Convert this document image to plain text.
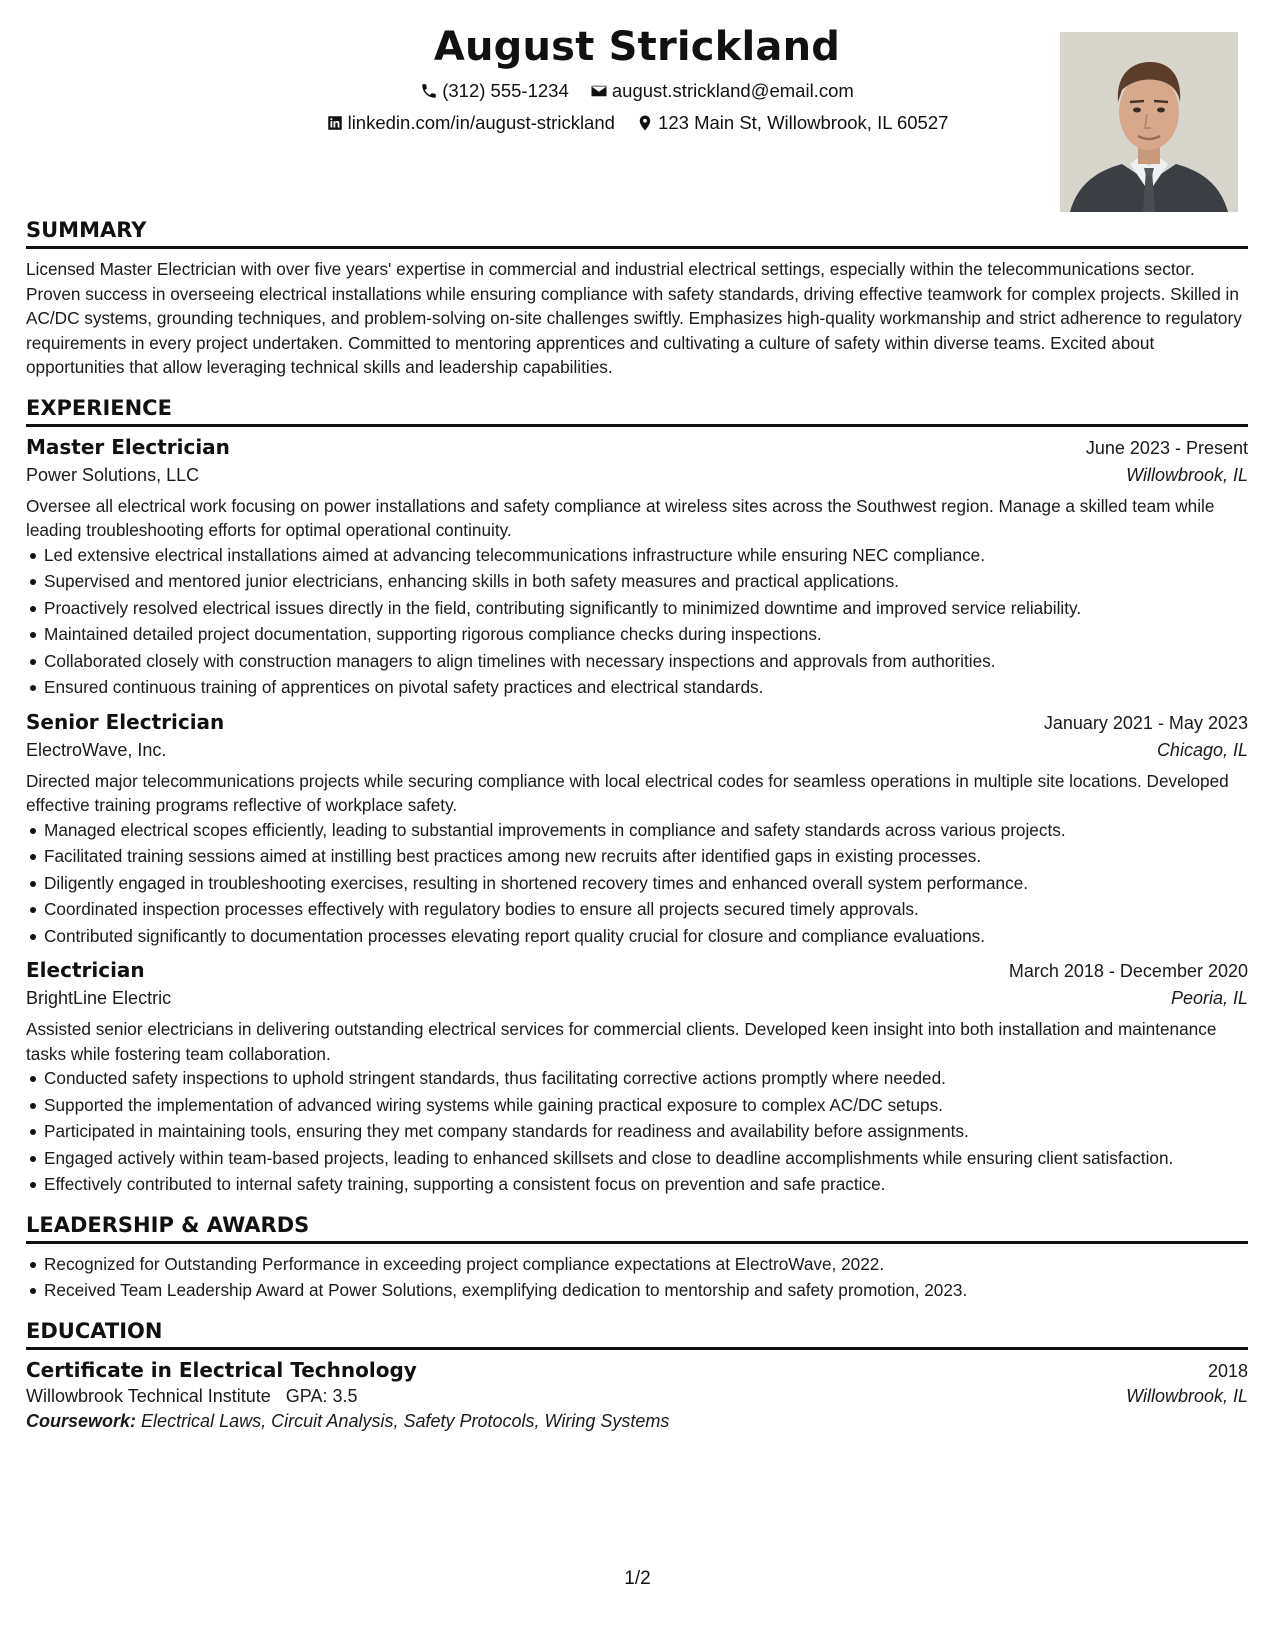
August Strickland
(312) 555-1234
august.strickland@email.com
linkedin.com/in/august-strickland
123 Main St, Willowbrook, IL 60527
SUMMARY

Licensed Master Electrician with over five years' expertise in commercial and industrial electrical settings, especially within the telecommunications sector. Proven success in overseeing electrical installations while ensuring compliance with safety standards, driving effective teamwork for complex projects. Skilled in AC/DC systems, grounding techniques, and problem-solving on-site challenges swiftly. Emphasizes high-quality workmanship and strict adherence to regulatory requirements in every project undertaken. Committed to mentoring apprentices and cultivating a culture of safety within diverse teams. Excited about opportunities that allow leveraging technical skills and leadership capabilities.

EXPERIENCE
Master Electrician	June 2023 - Present
Power Solutions, LLC	Willowbrook, IL
Oversee all electrical work focusing on power installations and safety compliance at wireless sites across the Southwest region. Manage a skilled team while leading troubleshooting efforts for optimal operational continuity.
Led extensive electrical installations aimed at advancing telecommunications infrastructure while ensuring NEC compliance.
Supervised and mentored junior electricians, enhancing skills in both safety measures and practical applications.
Proactively resolved electrical issues directly in the field, contributing significantly to minimized downtime and improved service reliability.
Maintained detailed project documentation, supporting rigorous compliance checks during inspections.
Collaborated closely with construction managers to align timelines with necessary inspections and approvals from authorities.
Ensured continuous training of apprentices on pivotal safety practices and electrical standards.
Senior Electrician	January 2021 - May 2023
ElectroWave, Inc.	Chicago, IL
Directed major telecommunications projects while securing compliance with local electrical codes for seamless operations in multiple site locations. Developed effective training programs reflective of workplace safety.
Managed electrical scopes efficiently, leading to substantial improvements in compliance and safety standards across various projects.
Facilitated training sessions aimed at instilling best practices among new recruits after identified gaps in existing processes.
Diligently engaged in troubleshooting exercises, resulting in shortened recovery times and enhanced overall system performance.
Coordinated inspection processes effectively with regulatory bodies to ensure all projects secured timely approvals.
Contributed significantly to documentation processes elevating report quality crucial for closure and compliance evaluations.
Electrician	March 2018 - December 2020
BrightLine Electric	Peoria, IL
Assisted senior electricians in delivering outstanding electrical services for commercial clients. Developed keen insight into both installation and maintenance tasks while fostering team collaboration.
Conducted safety inspections to uphold stringent standards, thus facilitating corrective actions promptly where needed.
Supported the implementation of advanced wiring systems while gaining practical exposure to complex AC/DC setups.
Participated in maintaining tools, ensuring they met company standards for readiness and availability before assignments.
Engaged actively within team-based projects, leading to enhanced skillsets and close to deadline accomplishments while ensuring client satisfaction.
Effectively contributed to internal safety training, supporting a consistent focus on prevention and safe practice.
LEADERSHIP & AWARDS
Recognized for Outstanding Performance in exceeding project compliance expectations at ElectroWave, 2022.
Received Team Leadership Award at Power Solutions, exemplifying dedication to mentorship and safety promotion, 2023.
EDUCATION
Certificate in Electrical Technology	2018
Willowbrook Technical Institute GPA: 3.5	Willowbrook, IL
Coursework: Electrical Laws, Circuit Analysis, Safety Protocols, Wiring Systems
1/2
